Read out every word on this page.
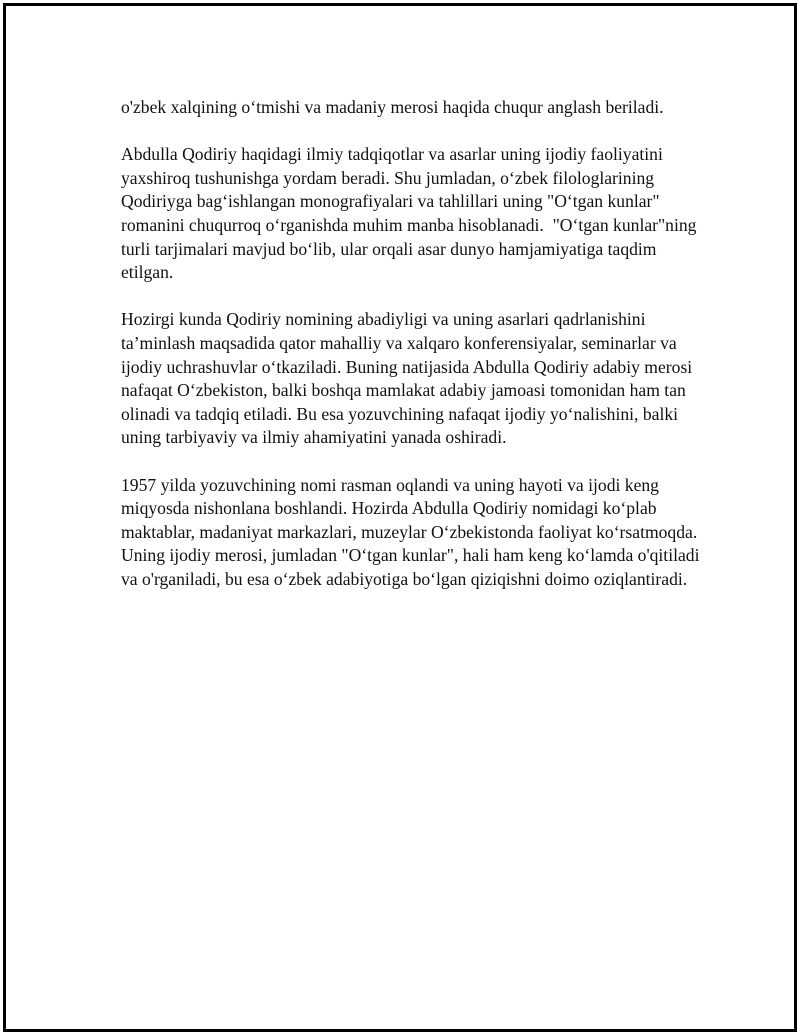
o'zbek xalqining o‘tmishi va madaniy merosi haqida chuqur anglash beriladi.

Abdulla Qodiriy haqidagi ilmiy tadqiqotlar va asarlar uning ijodiy faoliyatini yaxshiroq tushunishga yordam beradi. Shu jumladan, o‘zbek filologlarining Qodiriyga bag‘ishlangan monografiyalari va tahlillari uning "O‘tgan kunlar" romanini chuqurroq o‘rganishda muhim manba hisoblanadi.  "O‘tgan kunlar"ning turli tarjimalari mavjud bo‘lib, ular orqali asar dunyo hamjamiyatiga taqdim etilgan.

Hozirgi kunda Qodiriy nomining abadiyligi va uning asarlari qadrlanishini ta’minlash maqsadida qator mahalliy va xalqaro konferensiyalar, seminarlar va ijodiy uchrashuvlar o‘tkaziladi. Buning natijasida Abdulla Qodiriy adabiy merosi nafaqat O‘zbekiston, balki boshqa mamlakat adabiy jamoasi tomonidan ham tan olinadi va tadqiq etiladi. Bu esa yozuvchining nafaqat ijodiy yo‘nalishini, balki uning tarbiyaviy va ilmiy ahamiyatini yanada oshiradi.

1957 yilda yozuvchining nomi rasman oqlandi va uning hayoti va ijodi keng miqyosda nishonlana boshlandi. Hozirda Abdulla Qodiriy nomidagi ko‘plab maktablar, madaniyat markazlari, muzeylar O‘zbekistonda faoliyat ko‘rsatmoqda. Uning ijodiy merosi, jumladan "O‘tgan kunlar", hali ham keng ko‘lamda o'qitiladi va o'rganiladi, bu esa o‘zbek adabiyotiga bo‘lgan qiziqishni doimo oziqlantiradi.
